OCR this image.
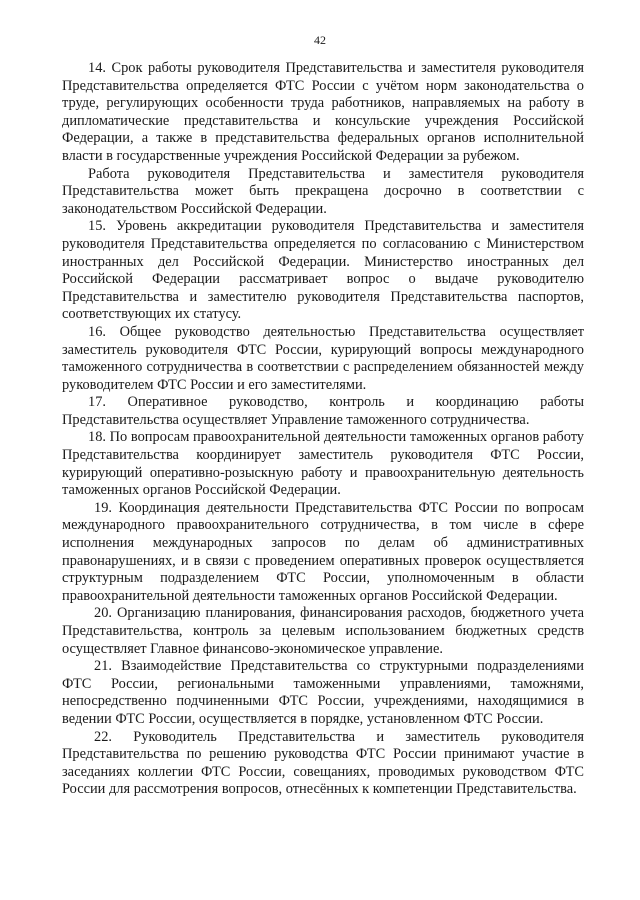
42

14. Срок работы руководителя Представительства и заместителя руководителя Представительства определяется ФТС России с учётом норм законодательства о труде, регулирующих особенности труда работников, направляемых на работу в дипломатические представительства и консульские учреждения Российской Федерации, а также в представительства федеральных органов исполнительной власти в государственные учреждения Российской Федерации за рубежом.

Работа руководителя Представительства и заместителя руководителя Представительства может быть прекращена досрочно в соответствии с законодательством Российской Федерации.

15. Уровень аккредитации руководителя Представительства и заместителя руководителя Представительства определяется по согласованию с Министерством иностранных дел Российской Федерации. Министерство иностранных дел Российской Федерации рассматривает вопрос о выдаче руководителю Представительства и заместителю руководителя Представительства паспортов, соответствующих их статусу.

16. Общее руководство деятельностью Представительства осуществляет заместитель руководителя ФТС России, курирующий вопросы международного таможенного сотрудничества в соответствии с распределением обязанностей между руководителем ФТС России и его заместителями.

17. Оперативное руководство, контроль и координацию работы Представительства осуществляет Управление таможенного сотрудничества.

18. По вопросам правоохранительной деятельности таможенных органов работу Представительства координирует заместитель руководителя ФТС России, курирующий оперативно-розыскную работу и правоохранительную деятельность таможенных органов Российской Федерации.

19. Координация деятельности Представительства ФТС России по вопросам международного правоохранительного сотрудничества, в том числе в сфере исполнения международных запросов по делам об административных правонарушениях, и в связи с проведением оперативных проверок осуществляется структурным подразделением ФТС России, уполномоченным в области правоохранительной деятельности таможенных органов Российской Федерации.

20. Организацию планирования, финансирования расходов, бюджетного учета Представительства, контроль за целевым использованием бюджетных средств осуществляет Главное финансово-экономическое управление.

21. Взаимодействие Представительства со структурными подразделениями ФТС России, региональными таможенными управлениями, таможнями, непосредственно подчиненными ФТС России, учреждениями, находящимися в ведении ФТС России, осуществляется в порядке, установленном ФТС России.

22. Руководитель Представительства и заместитель руководителя Представительства по решению руководства ФТС России принимают участие в заседаниях коллегии ФТС России, совещаниях, проводимых руководством ФТС России для рассмотрения вопросов, отнесённых к компетенции Представительства.
